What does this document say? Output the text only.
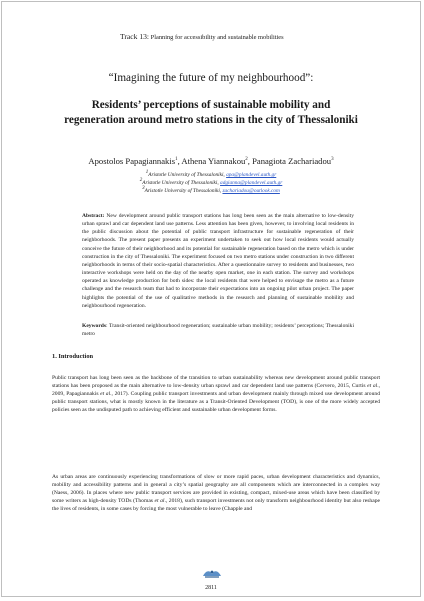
Track 13: Planning for accessibility and sustainable mobilities
“Imagining the future of my neighbourhood”:
Residents’ perceptions of sustainable mobility and regeneration around metro stations in the city of Thessaloniki
Apostolos Papagiannakis$^1$, Athena Yiannakou$^2$, Panagiota Zachariadou$^3$
$^1$Aristotle University of Thessaloniki, apa@plandevel.auth.gr
$^2$Aristotle University of Thessaloniki, adgianna@plandevel.auth.gr
$^3$Aristotle University of Thessaloniki, zachariadou@outlook.com

Abstract: New development around public transport stations has long been seen as the main alternative to low-density urban sprawl and car dependent land use patterns. Less attention has been given, however, to involving local residents in the public discussion about the potential of public transport infrastructure for sustainable regeneration of their neighborhoods. The present paper presents an experiment undertaken to seek out how local residents would actually conceive the future of their neighborhood and its potential for sustainable regeneration based on the metro which is under construction in the city of Thessaloniki. The experiment focused on two metro stations under construction in two different neighborhoods in terms of their socio-spatial characteristics. After a questionnaire survey to residents and businesses, two interactive workshops were held on the day of the nearby open market, one in each station. The survey and workshops operated as knowledge production for both sides: the local residents that were helped to envisage the metro as a future challenge and the research team that had to incorporate their expectations into an ongoing pilot urban project. The paper highlights the potential of the use of qualitative methods in the research and planning of sustainable mobility and neighbourhood regeneration.

Keywords: Transit-oriented neighbourhood regeneration; sustainable urban mobility; residents’ perceptions; Thessaloniki metro

1. Introduction

Public transport has long been seen as the backbone of the transition to urban sustainability whereas new development around public transport stations has been proposed as the main alternative to low-density urban sprawl and car dependent land use patterns (Cervero, 2015, Curtis et al., 2009, Papagiannakis et al., 2017). Coupling public transport investments and urban development mainly through mixed use development around public transport stations, what is mostly known in the literature as a Transit-Oriented Development (TOD), is one of the more widely accepted policies seen as the undisputed path to achieving efficient and sustainable urban development forms.

As urban areas are continuously experiencing transformations of slow or more rapid paces, urban development characteristics and dynamics, mobility and accessibility patterns and in general a city’s spatial geography are all components which are interconnected in a complex way (Naess, 2006). In places where new public transport services are provided in existing, compact, mixed-use areas which have been classified by some writers as high-density TODs (Thomas et al., 2018), such transport investments not only transform neighbourhood identity but also reshape the lives of residents, in some cases by forcing the most vulnerable to leave (Chapple and

2811
